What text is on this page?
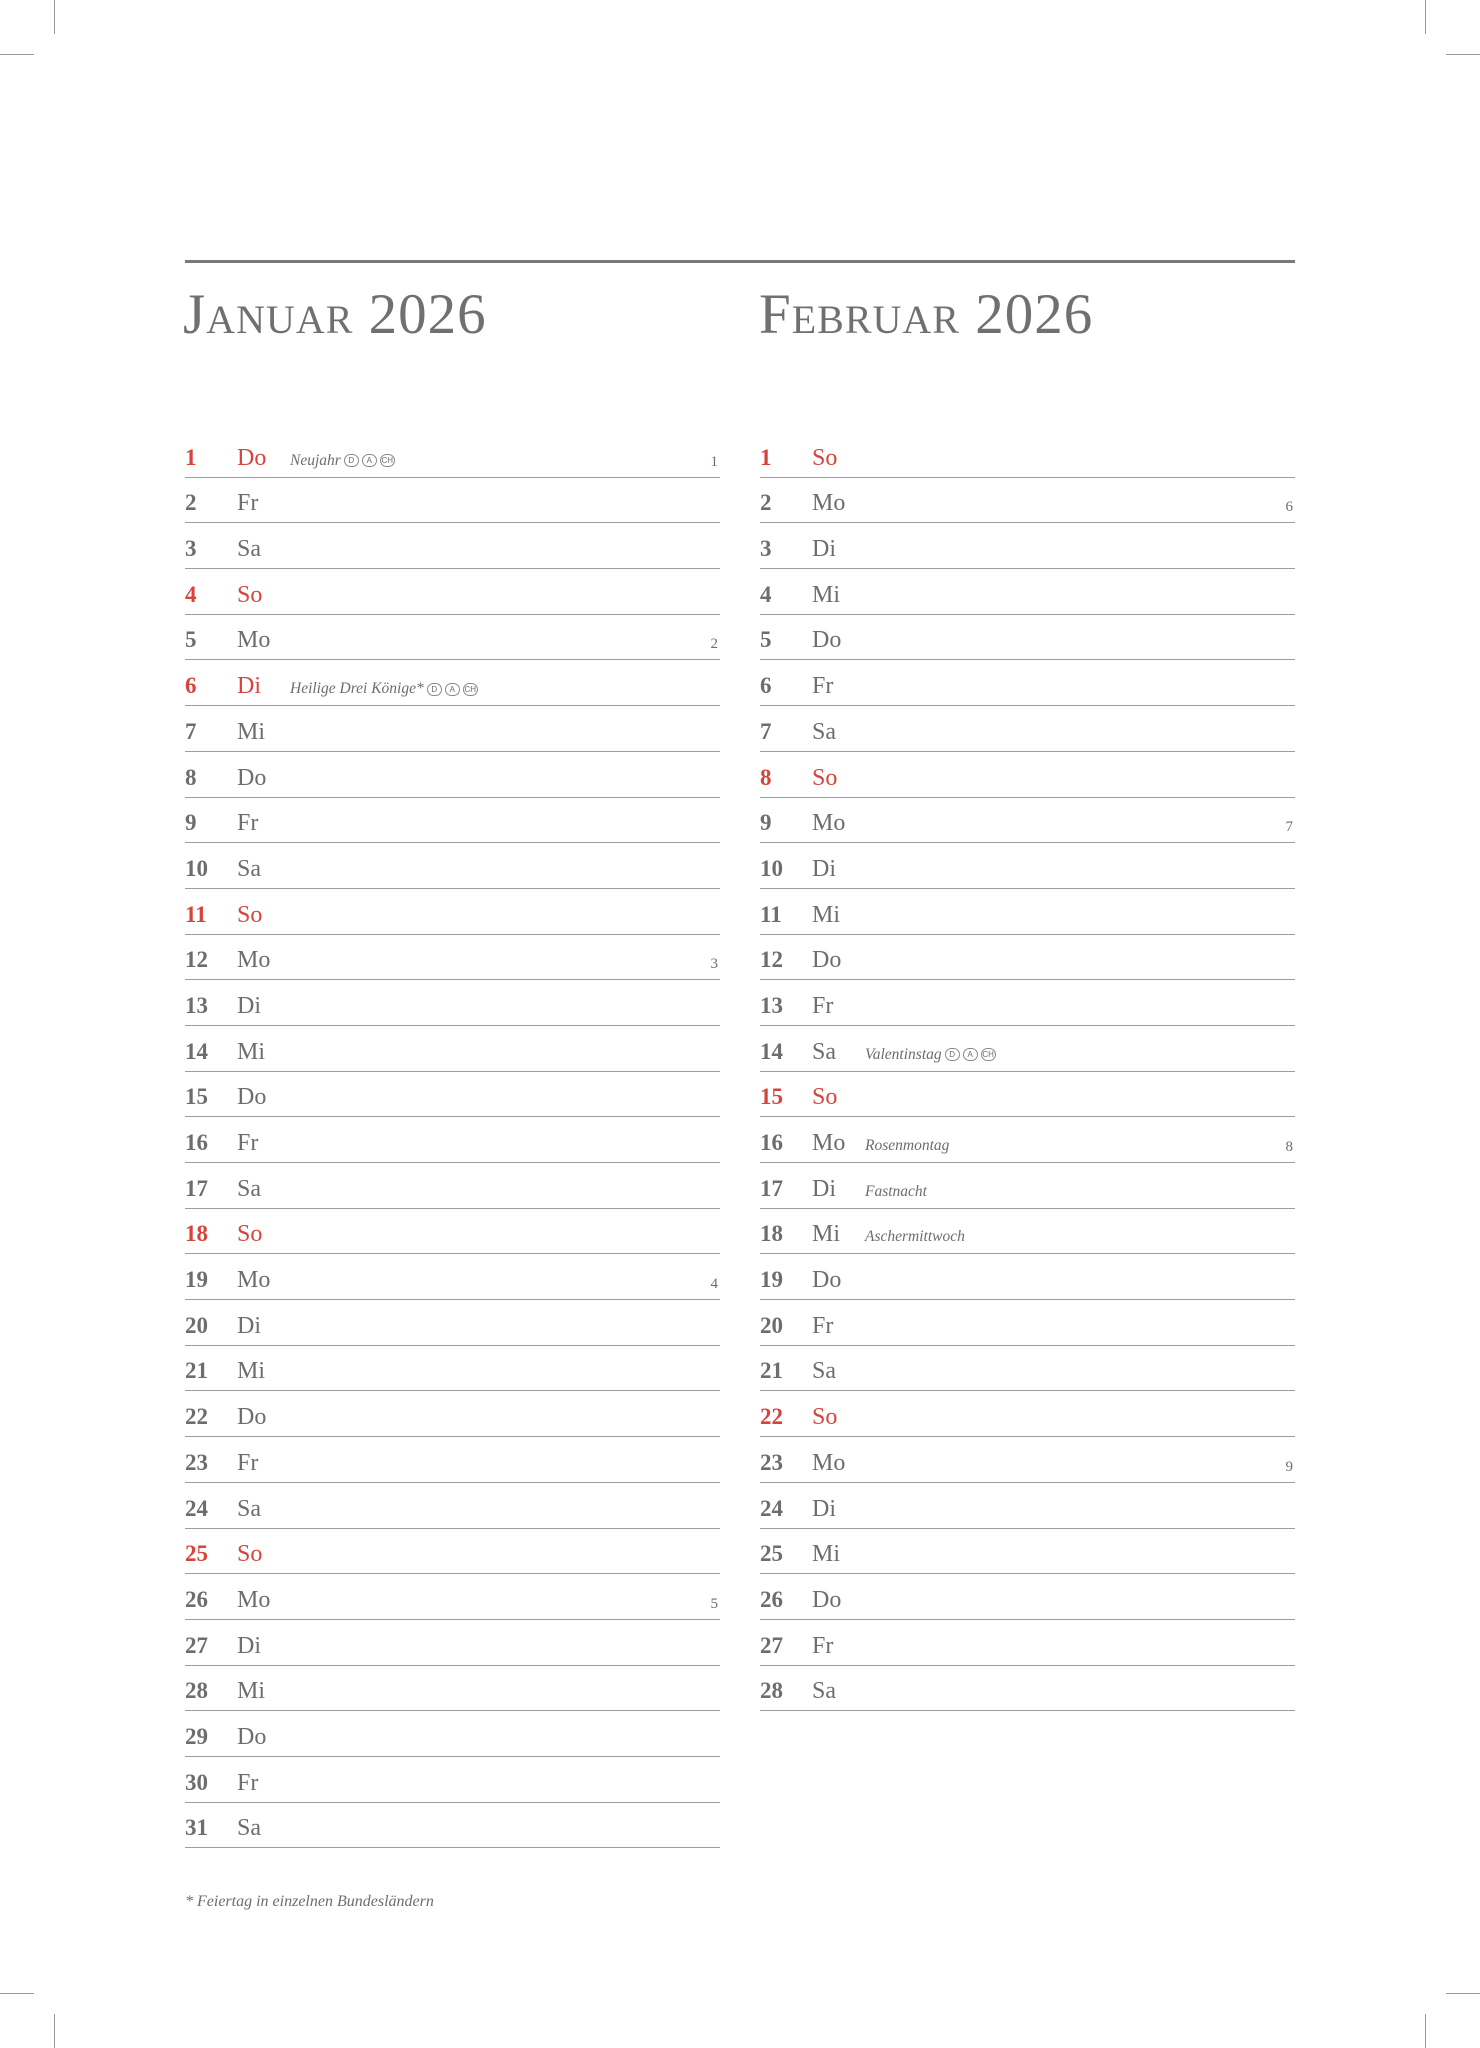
Januar 2026	Februar 2026
1	Do	Neujahr D	A	CH	1
2	Fr
3	Sa
4	So
5	Mo	2
6	Di	Heilige Drei Könige* D	A	CH
7	Mi
8	Do
9	Fr
10	Sa
11	So
12	Mo	3
13	Di
14	Mi
15	Do
16	Fr
17	Sa
18	So
19	Mo	4
20	Di
21	Mi
22	Do
23	Fr
24	Sa
25	So
26	Mo	5
27	Di
28	Mi
29	Do
30	Fr
31	Sa
1	So
2	Mo	6
3	Di
4	Mi
5	Do
6	Fr
7	Sa
8	So
9	Mo	7
10	Di
11	Mi
12	Do
13	Fr
14	Sa	Valentinstag D	A	CH
15	So
16	Mo	Rosenmontag	8
17	Di	Fastnacht
18	Mi	Aschermittwoch
19	Do
20	Fr
21	Sa
22	So
23	Mo	9
24	Di
25	Mi
26	Do
27	Fr
28	Sa
* Feiertag in einzelnen Bundesländern
